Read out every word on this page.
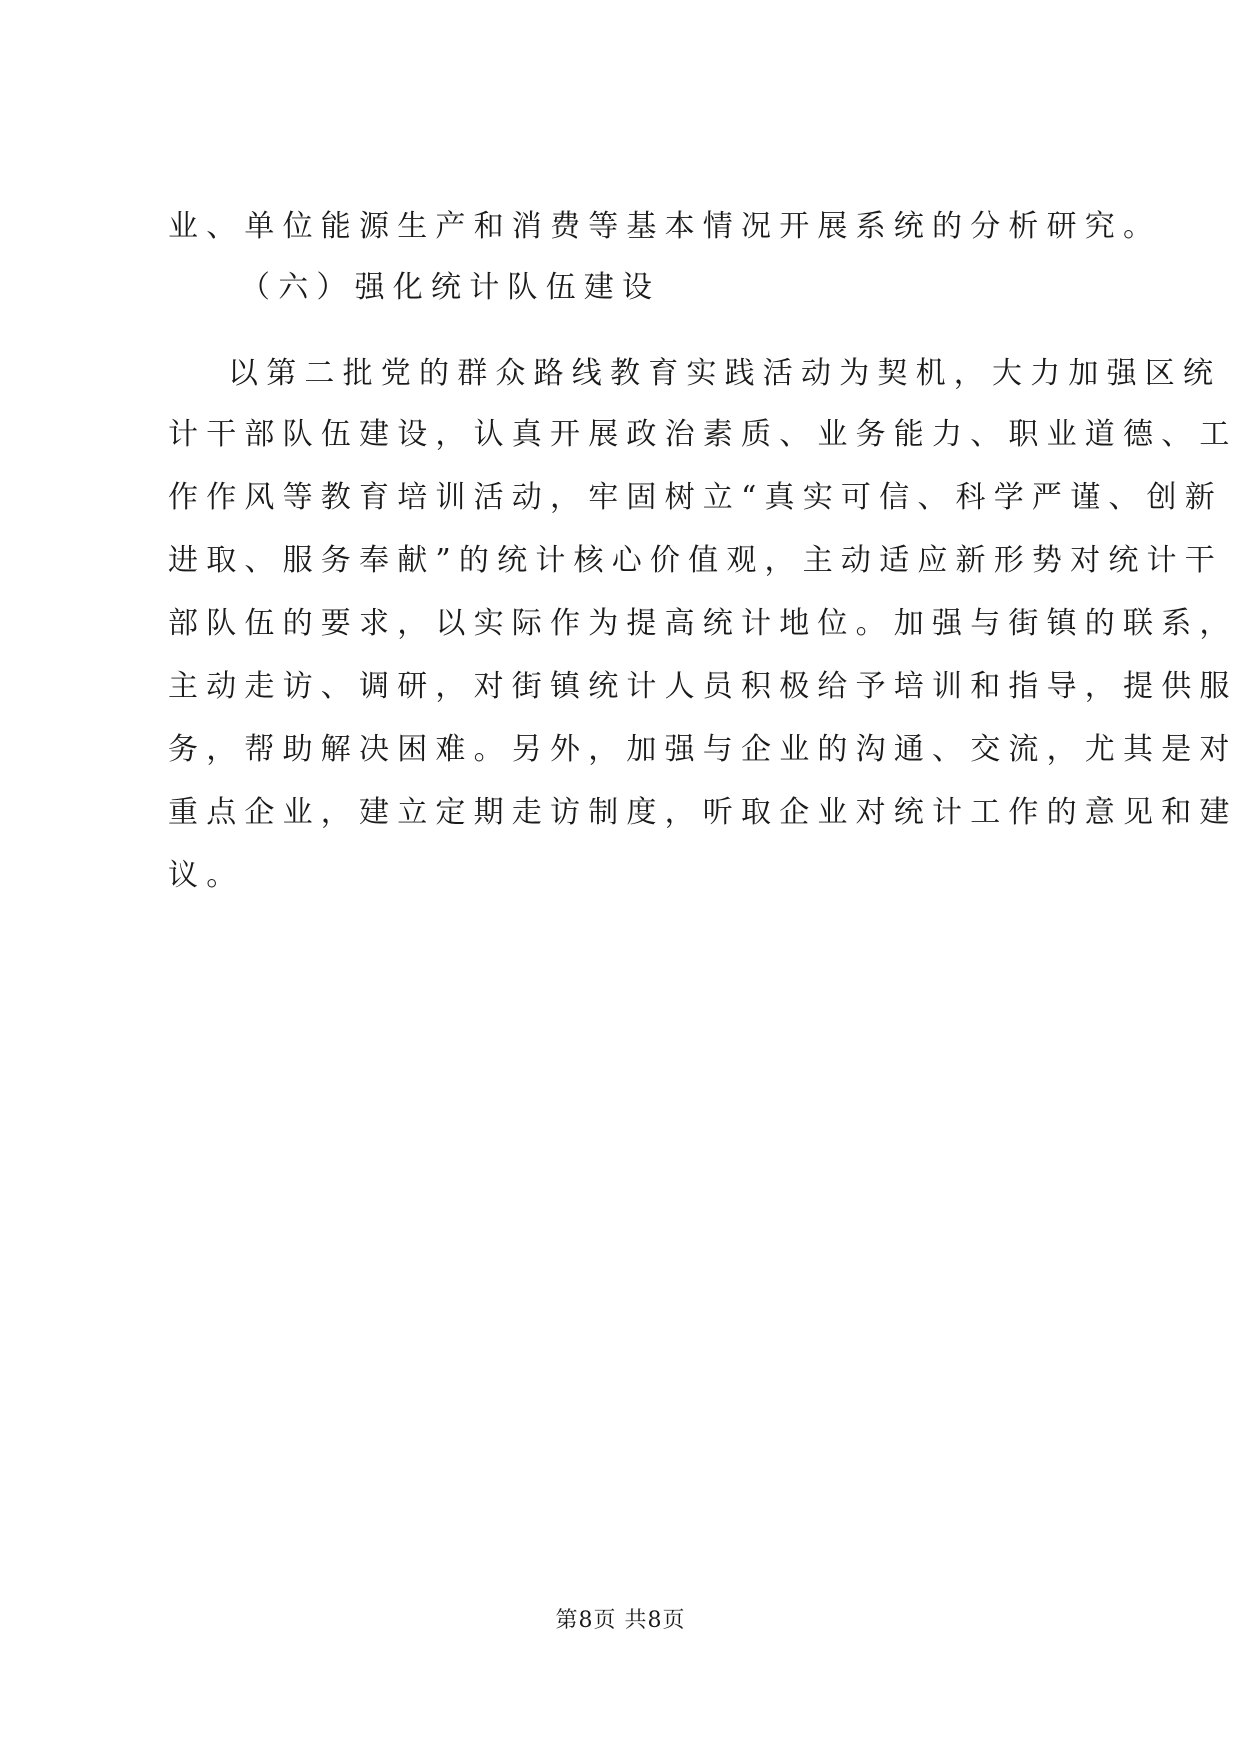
业、单位能源生产和消费等基本情况开展系统的分析研究。
（六）强化统计队伍建设
以第二批党的群众路线教育实践活动为契机，大力加强区统
计干部队伍建设，认真开展政治素质、业务能力、职业道德、工
作作风等教育培训活动，牢固树立“真实可信、科学严谨、创新
进取、服务奉献”的统计核心价值观，主动适应新形势对统计干
部队伍的要求，以实际作为提高统计地位。加强与街镇的联系，
主动走访、调研，对街镇统计人员积极给予培训和指导，提供服
务，帮助解决困难。另外，加强与企业的沟通、交流，尤其是对
重点企业，建立定期走访制度，听取企业对统计工作的意见和建
议。
第8页 共8页
